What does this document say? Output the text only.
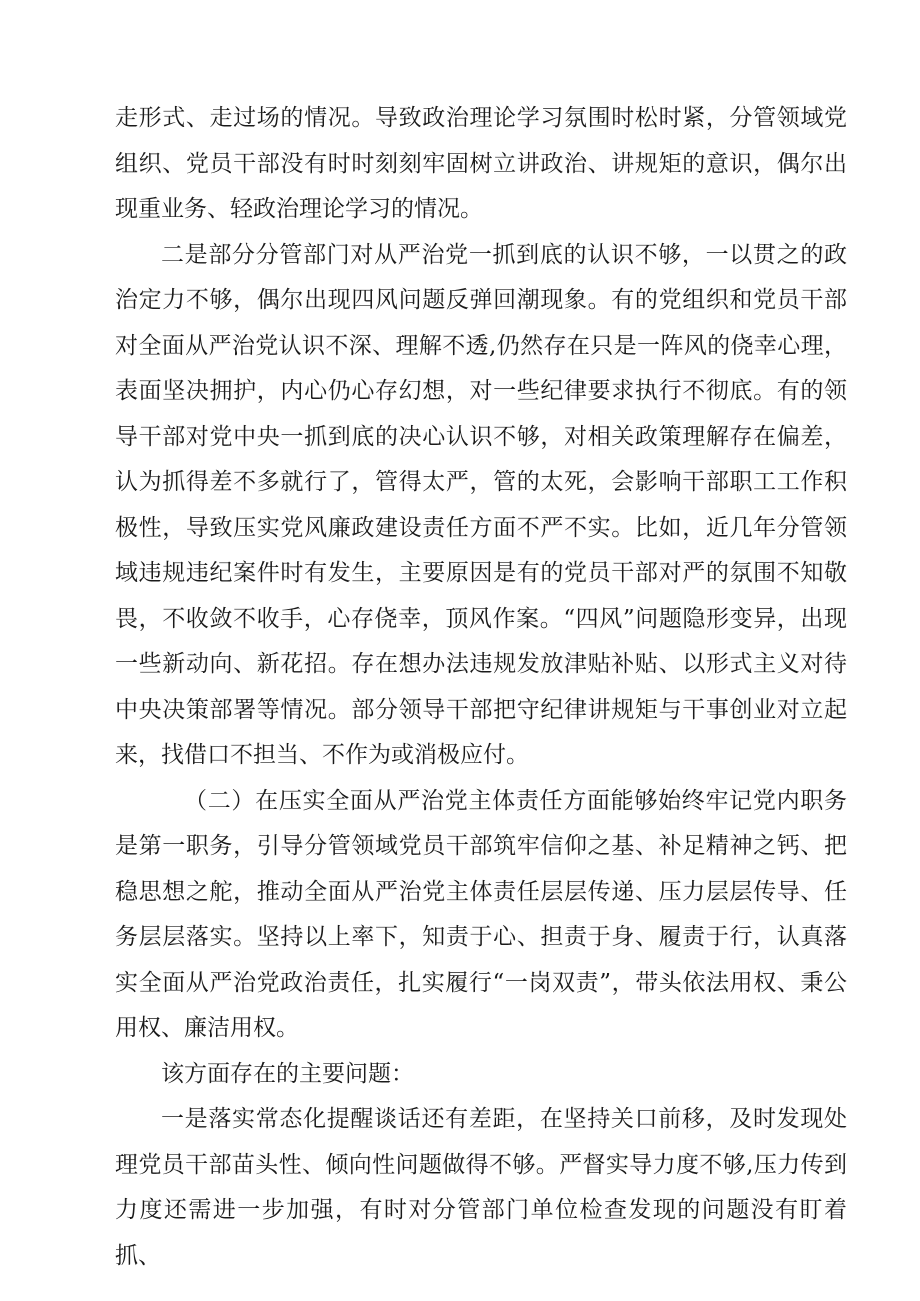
走形式、走过场的情况。导致政治理论学习氛围时松时紧，分管领域党组织、党员干部没有时时刻刻牢固树立讲政治、讲规矩的意识，偶尔出现重业务、轻政治理论学习的情况。

二是部分分管部门对从严治党一抓到底的认识不够，一以贯之的政治定力不够，偶尔出现四风问题反弹回潮现象。有的党组织和党员干部对全面从严治党认识不深、理解不透,仍然存在只是一阵风的侥幸心理，表面坚决拥护，内心仍心存幻想，对一些纪律要求执行不彻底。有的领导干部对党中央一抓到底的决心认识不够，对相关政策理解存在偏差，认为抓得差不多就行了，管得太严，管的太死，会影响干部职工工作积极性，导致压实党风廉政建设责任方面不严不实。比如，近几年分管领域违规违纪案件时有发生，主要原因是有的党员干部对严的氛围不知敬畏，不收敛不收手，心存侥幸，顶风作案。“四风”问题隐形变异，出现一些新动向、新花招。存在想办法违规发放津贴补贴、以形式主义对待中央决策部署等情况。部分领导干部把守纪律讲规矩与干事创业对立起来，找借口不担当、不作为或消极应付。

（二）在压实全面从严治党主体责任方面能够始终牢记党内职务是第一职务，引导分管领域党员干部筑牢信仰之基、补足精神之钙、把稳思想之舵，推动全面从严治党主体责任层层传递、压力层层传导、任务层层落实。坚持以上率下，知责于心、担责于身、履责于行，认真落实全面从严治党政治责任，扎实履行“一岗双责”，带头依法用权、秉公用权、廉洁用权。

该方面存在的主要问题：

一是落实常态化提醒谈话还有差距，在坚持关口前移，及时发现处理党员干部苗头性、倾向性问题做得不够。严督实导力度不够,压力传到力度还需进一步加强，有时对分管部门单位检查发现的问题没有盯着抓、
